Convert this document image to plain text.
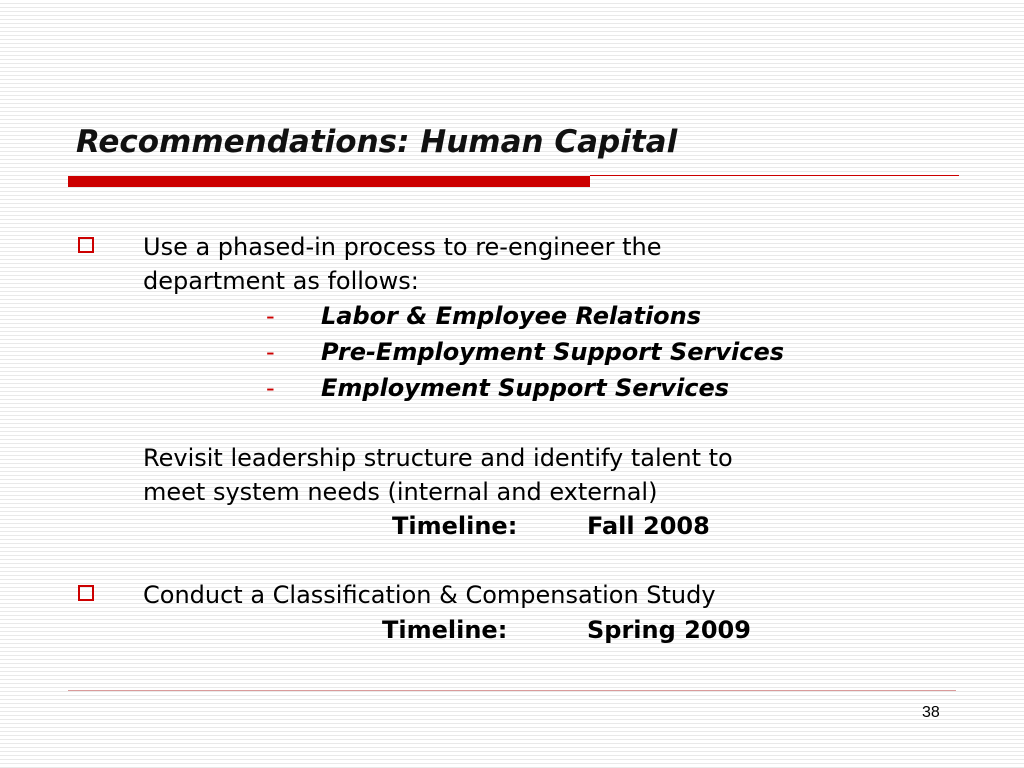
Recommendations: Human Capital
Use a phased-in process to re-engineer the
department as follows:
- Labor & Employee Relations
- Pre-Employment Support Services
- Employment Support Services
Revisit leadership structure and identify talent to
meet system needs (internal and external)
Timeline:	Fall 2008
Conduct a Classification & Compensation Study
Timeline:	Spring 2009
38
